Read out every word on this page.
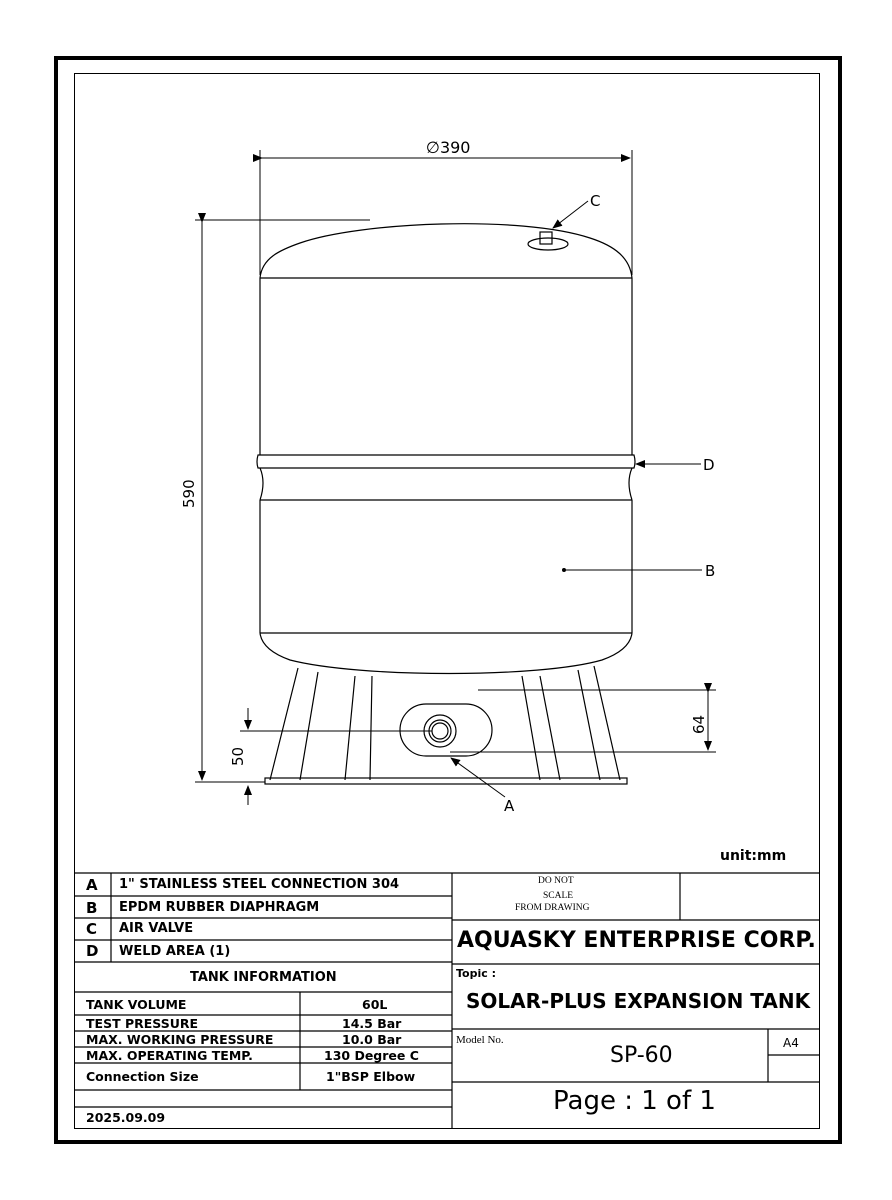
∅390
590
50
64
C
D
B
A
unit:mm
A 1" STAINLESS STEEL CONNECTION 304
B EPDM RUBBER DIAPHRAGM
C AIR VALVE
D WELD AREA (1)
TANK INFORMATION
TANK VOLUME	60L
TEST PRESSURE	14.5 Bar
MAX. WORKING PRESSURE	10.0 Bar
MAX. OPERATING TEMP.	130 Degree C
Connection Size	1"BSP Elbow
2025.09.09
DO NOT
SCALE
FROM DRAWING
AQUASKY ENTERPRISE CORP.
Topic :
SOLAR-PLUS EXPANSION TANK
Model No.
SP-60	A4
Page : 1 of 1
